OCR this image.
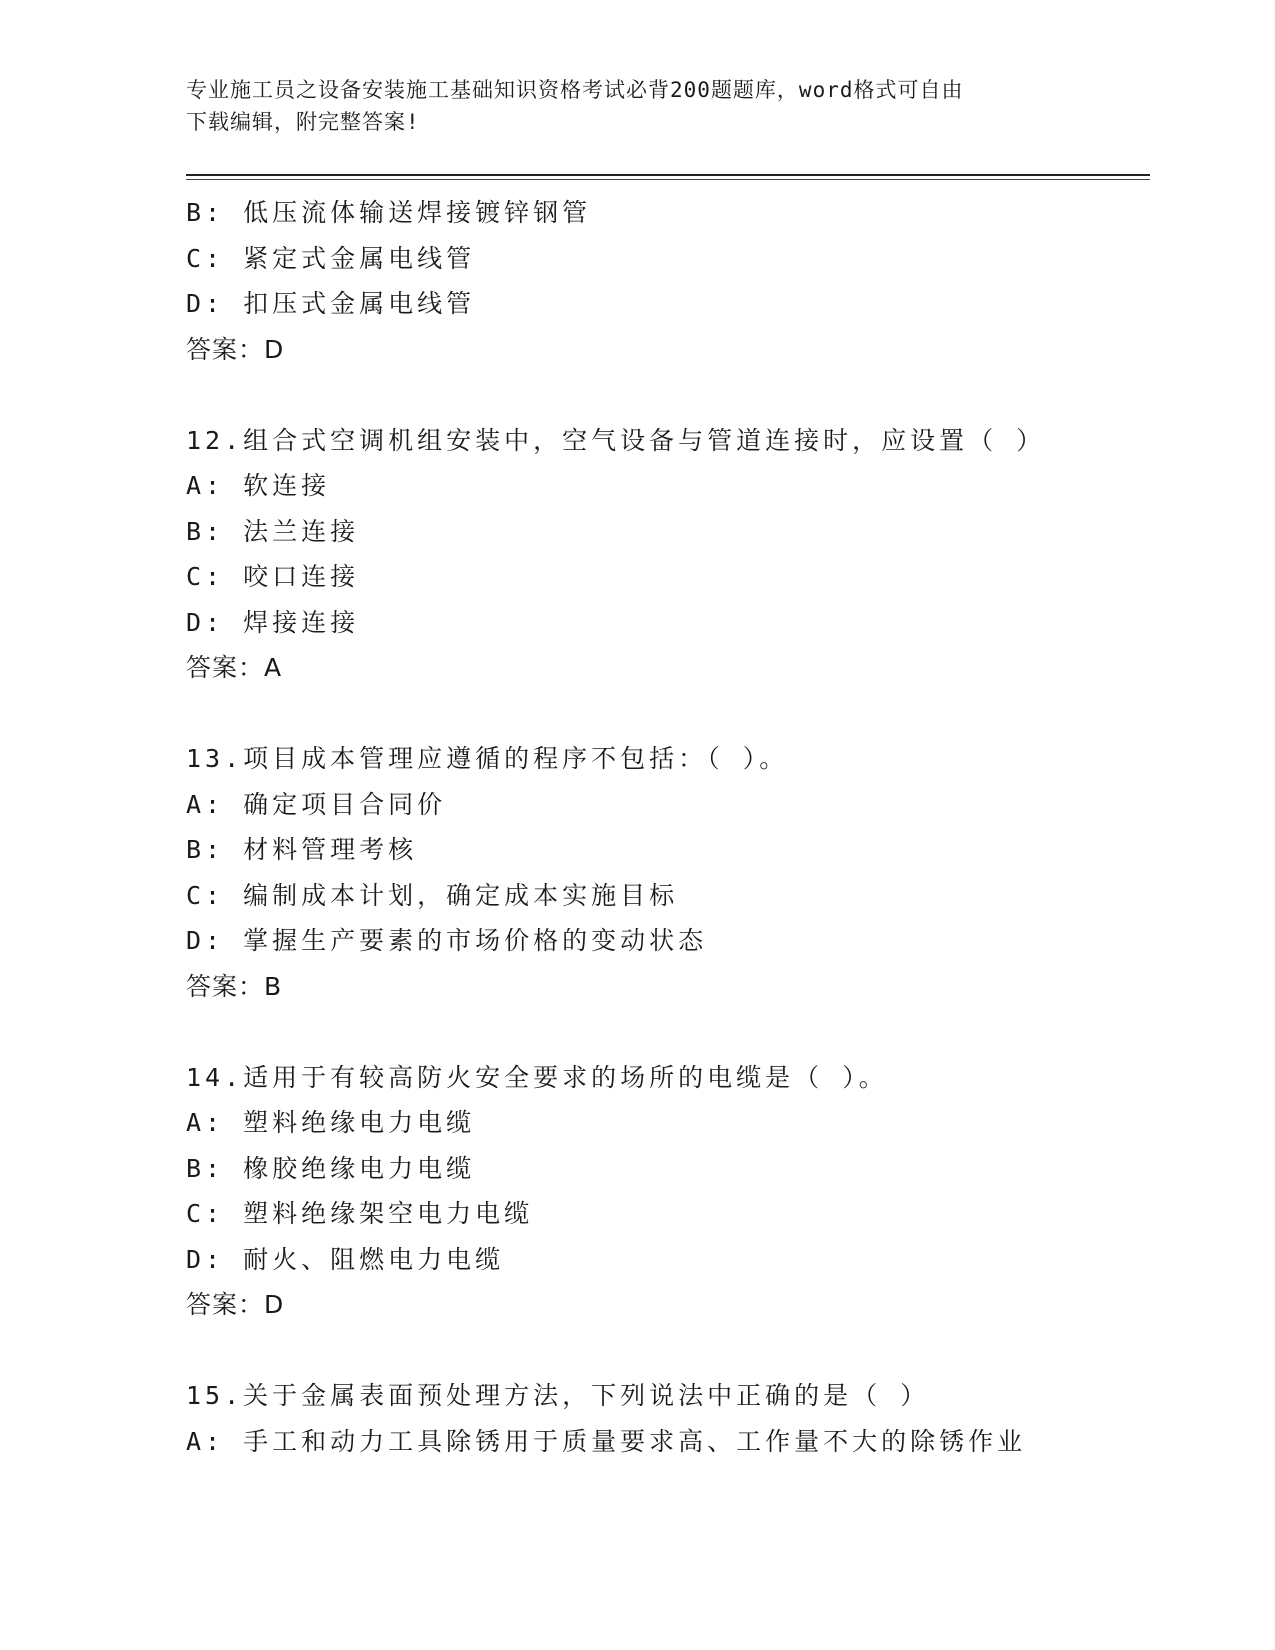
专业施工员之设备安装施工基础知识资格考试必背200题题库，word格式可自由
下载编辑，附完整答案!
B: 低压流体输送焊接镀锌钢管
C: 紧定式金属电线管
D: 扣压式金属电线管
答案：D
12.组合式空调机组安装中，空气设备与管道连接时，应设置（ ）
A: 软连接
B: 法兰连接
C: 咬口连接
D: 焊接连接
答案：A
13.项目成本管理应遵循的程序不包括：（ ）。
A: 确定项目合同价
B: 材料管理考核
C: 编制成本计划，确定成本实施目标
D: 掌握生产要素的市场价格的变动状态
答案：B
14.适用于有较高防火安全要求的场所的电缆是（ ）。
A: 塑料绝缘电力电缆
B: 橡胶绝缘电力电缆
C: 塑料绝缘架空电力电缆
D: 耐火、阻燃电力电缆
答案：D
15.关于金属表面预处理方法，下列说法中正确的是（ ）
A: 手工和动力工具除锈用于质量要求高、工作量不大的除锈作业
